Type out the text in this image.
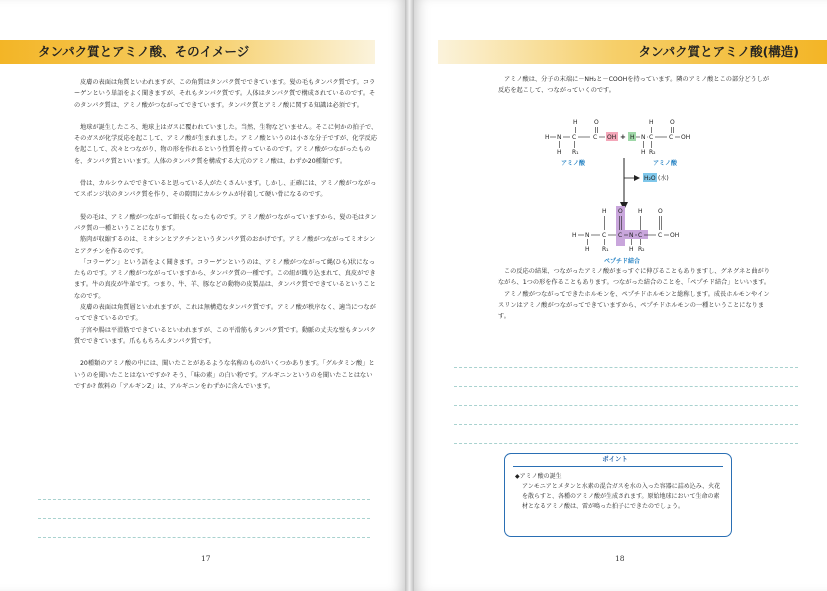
タンパク質とアミノ酸、そのイメージ

皮膚の表面は角質といわれますが、この角質はタンパク質でできています。髪の毛もタンパク質です。コラーゲンという単語をよく聞きますが、それもタンパク質です。人体はタンパク質で構成されているのです。そのタンパク質は、アミノ酸がつながってできています。タンパク質とアミノ酸に関する知識は必須です。

地球が誕生したころ、地球上はガスに覆われていました。当然、生物などいません。そこに何かの拍子で、そのガスが化学反応を起こして、アミノ酸が生まれました。アミノ酸というのは小さな分子ですが、化学反応を起こして、次々とつながり、物の形を作れるという性質を持っているのです。アミノ酸がつながったものを、タンパク質といいます。人体のタンパク質を構成する大元のアミノ酸は、わずか20種類です。

骨は、カルシウムでできていると思っている人がたくさんいます。しかし、正確には、アミノ酸がつながってスポンジ状のタンパク質を作り、その隙間にカルシウムが付着して硬い骨になるのです。

髪の毛は、アミノ酸がつながって細長くなったものです。アミノ酸がつながっていますから、髪の毛はタンパク質の一種ということになります。

筋肉が収縮するのは、ミオシンとアクチンというタンパク質のおかげです。アミノ酸がつながってミオシンとアクチンを作るのです。

「コラーゲン」という語をよく聞きます。コラーゲンというのは、アミノ酸がつながって縄(ひも)状になったものです。アミノ酸がつながっていますから、タンパク質の一種です。この紐が織り込まれて、真皮ができます。牛の真皮が牛革です。つまり、牛、羊、豚などの動物の皮製品は、タンパク質でできているということなのです。

皮膚の表面は角質層といわれますが、これは無構造なタンパク質です。アミノ酸が秩序なく、適当につながってできているのです。

子宮や腸は平滑筋でできているといわれますが、この平滑筋もタンパク質です。動脈の丈夫な壁もタンパク質でできています。爪ももちろんタンパク質です。

20種類のアミノ酸の中には、聞いたことがあるような名称のものがいくつかあります。「グルタミン酸」というのを聞いたことはないですか? そう、「味の素」の白い粉です。アルギニンというのを聞いたことはないですか? 飲料の「アルギンZ」は、アルギニンをわずかに含んでいます。

17
タンパク質とアミノ酸(構造)

アミノ酸は、分子の末端に－NH₂と－COOHを持っています。隣のアミノ酸とこの部分どうしが反応を起こして、つながっていくのです。

この反応の結果、つながったアミノ酸がまっすぐに伸びることもありますし、グネグネと曲がりながら、1つの形を作ることもあります。つながった結合のことを、「ペプチド結合」といいます。

アミノ酸がつながってできたホルモンを、ペプチドホルモンと総称します。成長ホルモンやインスリンはアミノ酸がつながってできていますから、ペプチドホルモンの一種ということになります。

18
H	O
H N C	C OH
H R₁
アミノ酸
+ H
H	O
N C	C OH
H R₂
アミノ酸
H₂O (水)
H O	H	O
H N C C N C	C OH
H R₁	H R₂
ペプチド結合
ポイント
◆アミノ酸の誕生
アンモニアとメタンと水素の混合ガスを水の入った容器に詰め込み、火花を散らすと、各種のアミノ酸が生成されます。原始地球において生命の素材となるアミノ酸は、雷が鳴った拍子にできたのでしょう。
